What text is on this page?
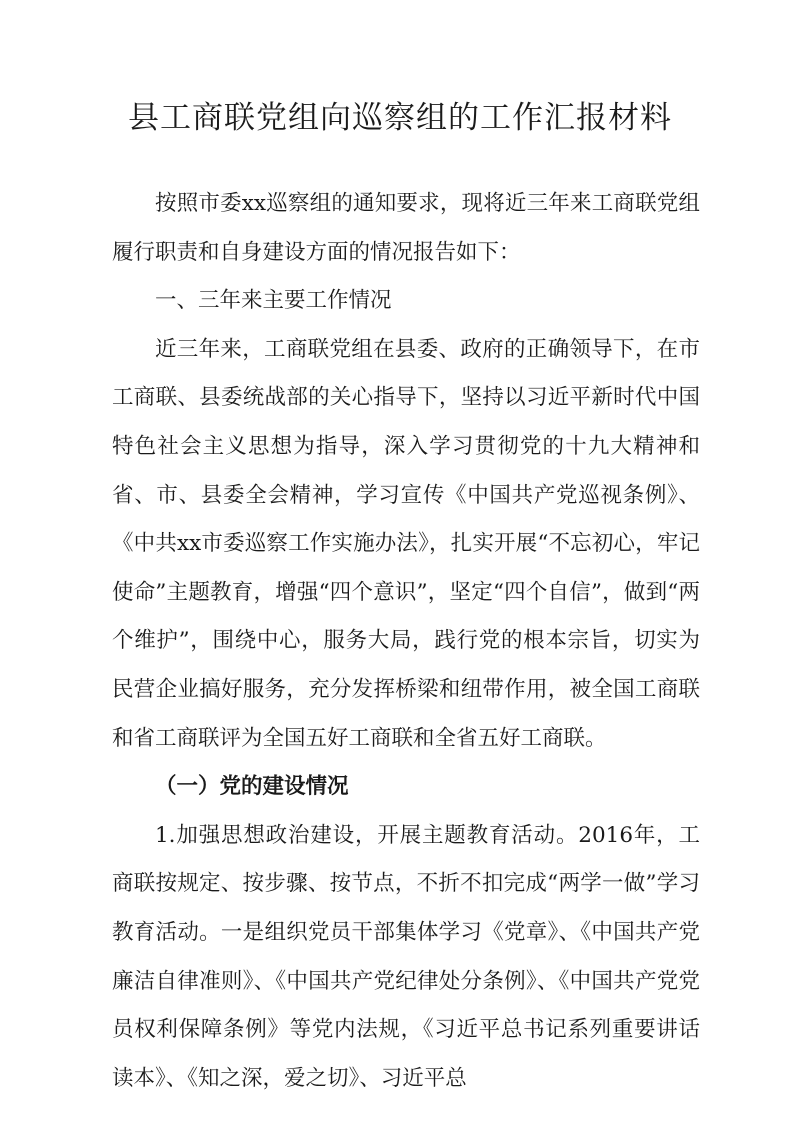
县工商联党组向巡察组的工作汇报材料

按照市委xx巡察组的通知要求，现将近三年来工商联党组履行职责和自身建设方面的情况报告如下：

一、三年来主要工作情况

近三年来，工商联党组在县委、政府的正确领导下，在市工商联、县委统战部的关心指导下，坚持以习近平新时代中国特色社会主义思想为指导，深入学习贯彻党的十九大精神和省、市、县委全会精神，学习宣传《中国共产党巡视条例》、《中共xx市委巡察工作实施办法》，扎实开展“不忘初心，牢记使命”主题教育，增强“四个意识”，坚定“四个自信”，做到“两个维护”，围绕中心，服务大局，践行党的根本宗旨，切实为民营企业搞好服务，充分发挥桥梁和纽带作用，被全国工商联和省工商联评为全国五好工商联和全省五好工商联。

（一）党的建设情况

1.加强思想政治建设，开展主题教育活动。2016年，工商联按规定、按步骤、按节点，不折不扣完成“两学一做”学习教育活动。一是组织党员干部集体学习《党章》、《中国共产党廉洁自律准则》、《中国共产党纪律处分条例》、《中国共产党党员权利保障条例》等党内法规，《习近平总书记系列重要讲话读本》、《知之深，爱之切》、习近平总
